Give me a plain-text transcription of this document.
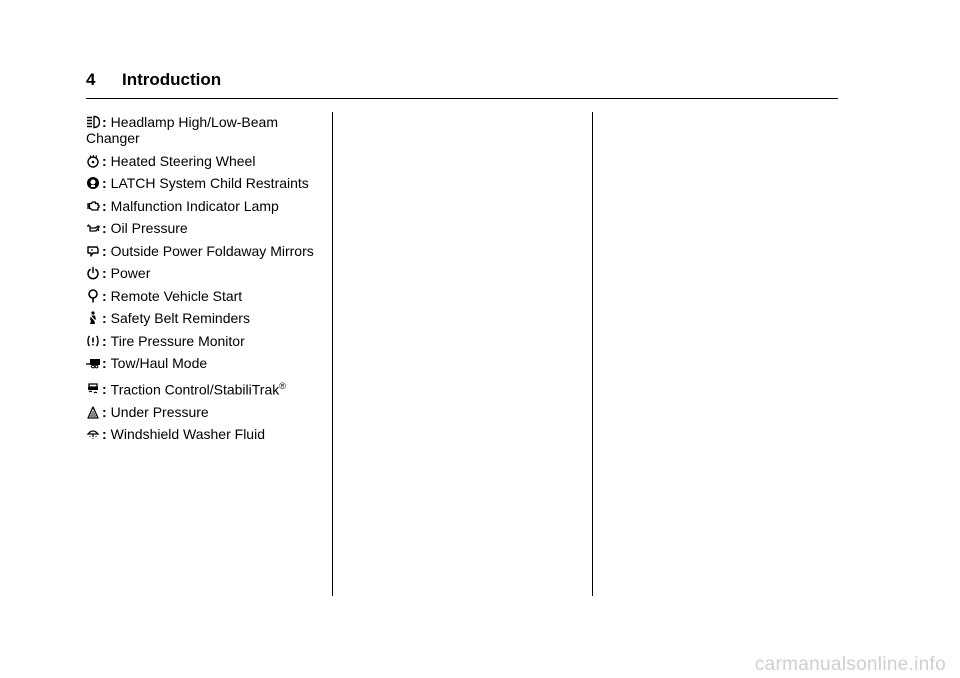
4 Introduction
: Headlamp High/Low-Beam Changer
: Heated Steering Wheel
: LATCH System Child Restraints
: Malfunction Indicator Lamp
: Oil Pressure
: Outside Power Foldaway Mirrors
: Power
: Remote Vehicle Start
: Safety Belt Reminders
: Tire Pressure Monitor
: Tow/Haul Mode
: Traction Control/StabiliTrak®
: Under Pressure
: Windshield Washer Fluid
carmanualsonline.info
